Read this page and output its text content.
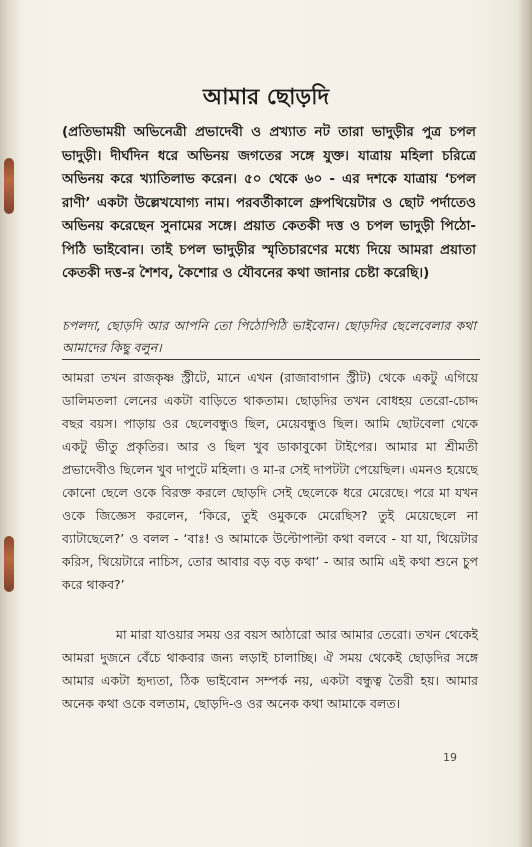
আমার ছোড়দি
(প্রতিভাময়ী অভিনেত্রী প্রভাদেবী ও প্রখ্যাত নট তারা ভাদুড়ীর পুত্র চপল ভাদুড়ী। দীর্ঘদিন ধরে অভিনয় জগতের সঙ্গে যুক্ত। যাত্রায় মহিলা চরিত্রে অভিনয় করে খ্যাতিলাভ করেন। ৫০ থেকে ৬০ - এর দশকে যাত্রায় ‘চপল রাণী’ একটা উল্লেখযোগ্য নাম। পরবর্তীকালে গ্রুপথিয়েটার ও ছোট পর্দাতেও অভিনয় করেছেন সুনামের সঙ্গে। প্রয়াত কেতকী দত্ত ও চপল ভাদুড়ী পিঠো-পিঠি ভাইবোন। তাই চপল ভাদুড়ীর স্মৃতিচারণের মধ্যে দিয়ে আমরা প্রয়াতা কেতকী দত্ত-র শৈশব, কৈশোর ও যৌবনের কথা জানার চেষ্টা করেছি।)
চপলদা, ছোড়দি আর আপনি তো পিঠোপিঠি ভাইবোন। ছোড়দির ছেলেবেলার কথা আমাদের কিছু বলুন।
আমরা তখন রাজকৃষ্ণ স্ট্রীটে, মানে এখন (রাজাবাগান স্ট্রীট) থেকে একটু এগিয়ে ডালিমতলা লেনের একটা বাড়িতে থাকতাম। ছোড়দির তখন বোধহয় তেরো-চোদ্দ বছর বয়স। পাড়ায় ওর ছেলেবন্ধুও ছিল, মেয়েবন্ধুও ছিল। আমি ছোটবেলা থেকে একটু ভীতু প্রকৃতির। আর ও ছিল খুব ডাকাবুকো টাইপের। আমার মা শ্রীমতী প্রভাদেবীও ছিলেন খুব দাপুটে মহিলা। ও মা-র সেই দাপটটা পেয়েছিল। এমনও হয়েছে কোনো ছেলে ওকে বিরক্ত করলে ছোড়দি সেই ছেলেকে ধরে মেরেছে। পরে মা যখন ওকে জিজ্ঞেস করলেন, ‘কিরে, তুই ওমুককে মেরেছিস? তুই মেয়েছেলে না ব্যাটাছেলে?’ ও বলল - ‘বাঃ! ও আমাকে উল্টোপাল্টা কথা বলবে - যা যা, থিয়েটার করিস, থিয়েটারে নাচিস, তোর আবার বড় বড় কথা’ - আর আমি এই কথা শুনে চুপ করে থাকব?’
মা মারা যাওয়ার সময় ওর বয়স আঠারো আর আমার তেরো। তখন থেকেই আমরা দুজনে বেঁচে থাকবার জন্য লড়াই চালাচ্ছি। ঐ সময় থেকেই ছোড়দির সঙ্গে আমার একটা হৃদ্যতা, ঠিক ভাইবোন সম্পর্ক নয়, একটা বন্ধুত্ব তৈরী হয়। আমার অনেক কথা ওকে বলতাম, ছোড়দি-ও ওর অনেক কথা আমাকে বলত।
19
